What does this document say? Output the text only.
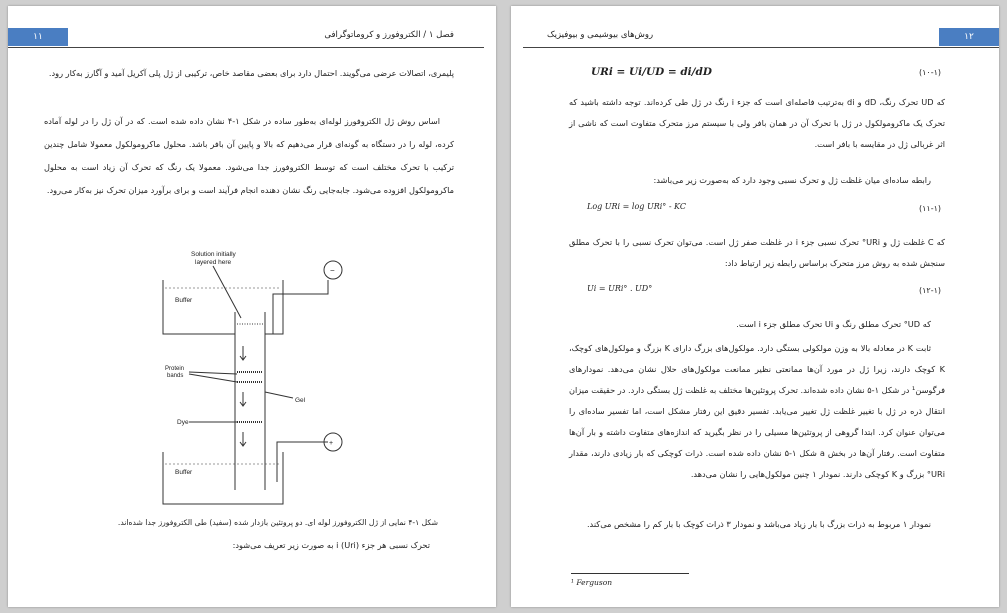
۱۱	فصل ۱ / الکتروفورز و کروماتوگرافی
پلیمری، اتصالات عرضی می‌گویند. احتمال دارد برای بعضی مقاصد خاص، ترکیبی از ژل پلی آکریل آمید و آگارز به‌کار رود.
اساس روش ژل الکتروفورز لوله‌ای به‌طور ساده در شکل ۱-۴ نشان داده شده است. که در آن ژل را در لوله آماده کرده، لوله را در دستگاه به گونه‌ای قرار می‌دهیم که بالا و پایین آن بافر باشد. محلول ماکرومولکول معمولا شامل چندین ترکیب با تحرک مختلف است که توسط الکتروفورز جدا می‌شود. معمولا یک رنگ که تحرک آن زیاد است به محلول ماکرومولکول افزوده می‌شود. جابه‌جایی رنگ نشان دهنده انجام فرآیند است و برای برآورد میزان تحرک نیز به‌کار می‌رود.
Solution initially
layered here
Buffer
Protein
bands
Gel
Dye
Buffer
−
+
شکل ۱-۴ نمایی از ژل الکتروفورز لوله ای. دو پروتئین بازدار شده (سفید) طی الکتروفورز جدا شده‌اند.
تحرک نسبی هر جزء i (Uri) به صورت زیر تعریف می‌شود:
۱۲
روش‌های بیوشیمی و بیوفیزیک
URi = Ui/UD = di/dD	(۱۰-۱)
که UD تحرک رنگ، dD و di به‌ترتیب فاصله‌ای است که جزء i رنگ در ژل طی کرده‌اند. توجه داشته باشید که تحرک یک ماکرومولکول در ژل با تحرک آن در همان بافر ولی با سیستم مرز متحرک متفاوت است که ناشی از اثر غربالی ژل در مقایسه با بافر است.
رابطه ساده‌ای میان غلظت ژل و تحرک نسبی وجود دارد که به‌صورت زیر می‌باشد:
Log URi = log URi° - KC	(۱۱-۱)
که C غلظت ژل و URi° تحرک نسبی جزء i در غلظت صفر ژل است. می‌توان تحرک نسبی را با تحرک مطلق سنجش شده به روش مرز متحرک براساس رابطه زیر ارتباط داد:
Ui = URi° . UD°	(۱۲-۱)
که UD° تحرک مطلق رنگ و Ui تحرک مطلق جزء i است.
ثابت K در معادله بالا به وزن مولکولی بستگی دارد. مولکول‌های بزرگ دارای K بزرگ و مولکول‌های کوچک، K کوچک دارند، زیرا ژل در مورد آن‌ها ممانعتی نظیر ممانعت مولکول‌های حلال نشان می‌دهد. نمودارهای فرگوسن¹ در شکل ۱-۵ نشان داده شده‌اند. تحرک پروتئین‌ها مختلف به غلظت ژل بستگی دارد. در حقیقت میزان انتقال ذره در ژل با تغییر غلظت ژل تغییر می‌یابد. تفسیر دقیق این رفتار مشکل است، اما تفسیر ساده‌ای را می‌توان عنوان کرد. ابتدا گروهی از پروتئین‌ها مسیلی را در نظر بگیرید که اندازه‌های متفاوت داشته و بار آن‌ها متفاوت است. رفتار آن‌ها در بخش a شکل ۱-۵ نشان داده شده است. ذرات کوچکی که بار زیادی دارند، مقدار URi° بزرگ و K کوچکی دارند. نمودار ۱ چنین مولکول‌هایی را نشان می‌دهد.
نمودار ۱ مربوط به ذرات بزرگ با بار زیاد می‌باشد و نمودار ۳ ذرات کوچک با بار کم را مشخص می‌کند.
¹ Ferguson
